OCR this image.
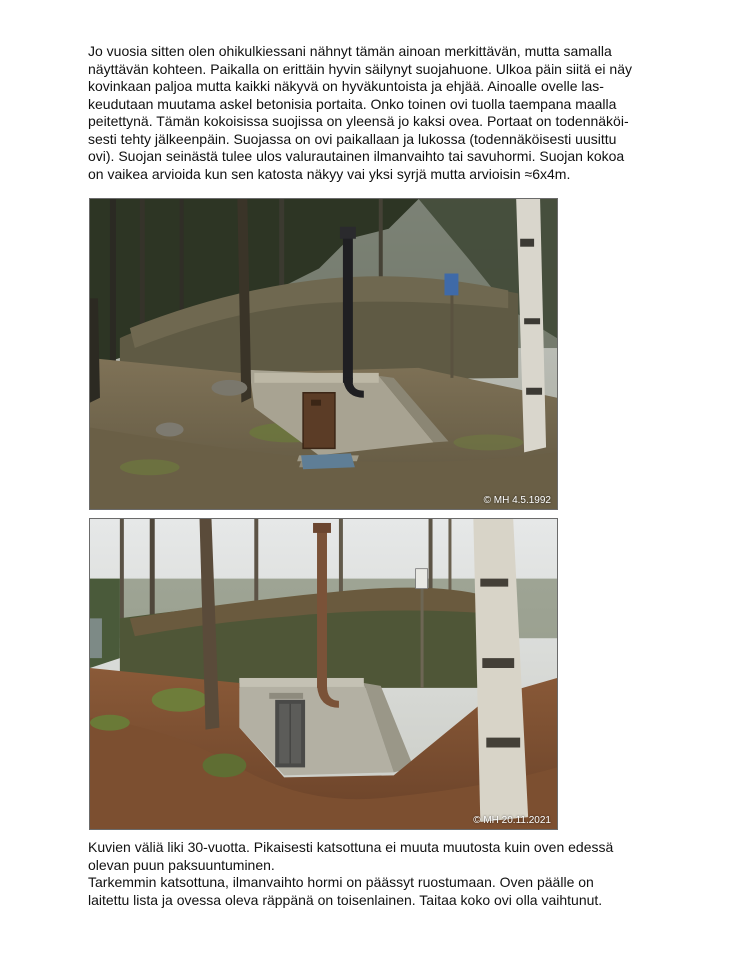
Jo vuosia sitten olen ohikulkiessani nähnyt tämän ainoan merkittävän, mutta samalla
näyttävän kohteen. Paikalla on erittäin hyvin säilynyt suojahuone. Ulkoa päin siitä ei näy
kovinkaan paljoa mutta kaikki näkyvä on hyväkuntoista ja ehjää. Ainoalle ovelle las-
keudutaan muutama askel betonisia portaita. Onko toinen ovi tuolla taempana maalla
peitettynä. Tämän kokoisissa suojissa on yleensä jo kaksi ovea. Portaat on todennäköi-
sesti tehty jälkeenpäin. Suojassa on ovi paikallaan ja lukossa (todennäköisesti uusittu
ovi). Suojan seinästä tulee ulos valurautainen ilmanvaihto tai savuhormi. Suojan kokoa
on vaikea arvioida kun sen katosta näkyy vai yksi syrjä mutta arvioisin ≈6x4m.
© MH 4.5.1992
© MH 20.11.2021
Kuvien väliä liki 30-vuotta. Pikaisesti katsottuna ei muuta muutosta kuin oven edessä
olevan puun paksuuntuminen.
Tarkemmin katsottuna, ilmanvaihto hormi on päässyt ruostumaan. Oven päälle on
laitettu lista ja ovessa oleva räppänä on toisenlainen. Taitaa koko ovi olla vaihtunut.
